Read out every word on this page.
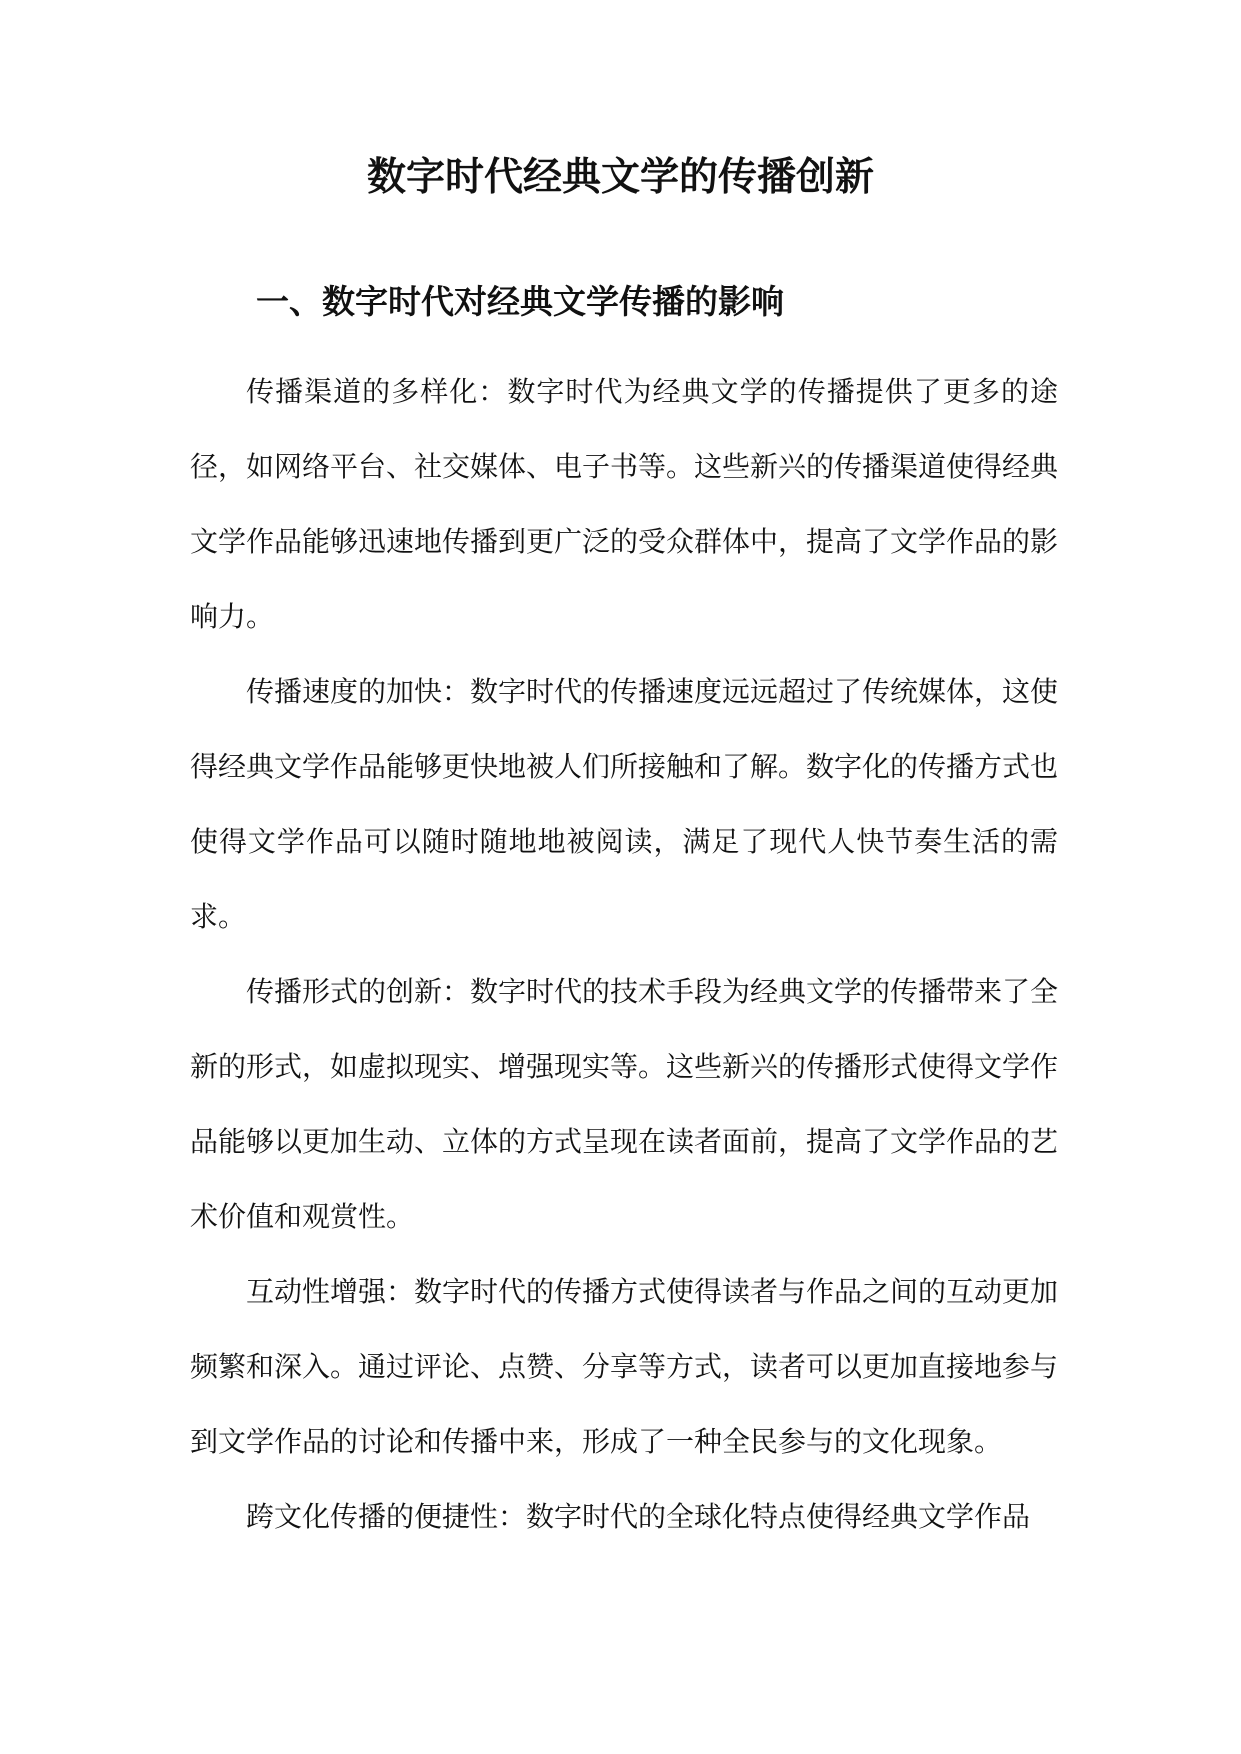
数字时代经典文学的传播创新
一、数字时代对经典文学传播的影响

传播渠道的多样化：数字时代为经典文学的传播提供了更多的途径，如网络平台、社交媒体、电子书等。这些新兴的传播渠道使得经典文学作品能够迅速地传播到更广泛的受众群体中，提高了文学作品的影响力。

传播速度的加快：数字时代的传播速度远远超过了传统媒体，这使得经典文学作品能够更快地被人们所接触和了解。数字化的传播方式也使得文学作品可以随时随地地被阅读，满足了现代人快节奏生活的需求。

传播形式的创新：数字时代的技术手段为经典文学的传播带来了全新的形式，如虚拟现实、增强现实等。这些新兴的传播形式使得文学作品能够以更加生动、立体的方式呈现在读者面前，提高了文学作品的艺术价值和观赏性。

互动性增强：数字时代的传播方式使得读者与作品之间的互动更加频繁和深入。通过评论、点赞、分享等方式，读者可以更加直接地参与到文学作品的讨论和传播中来，形成了一种全民参与的文化现象。

跨文化传播的便捷性：数字时代的全球化特点使得经典文学作品
